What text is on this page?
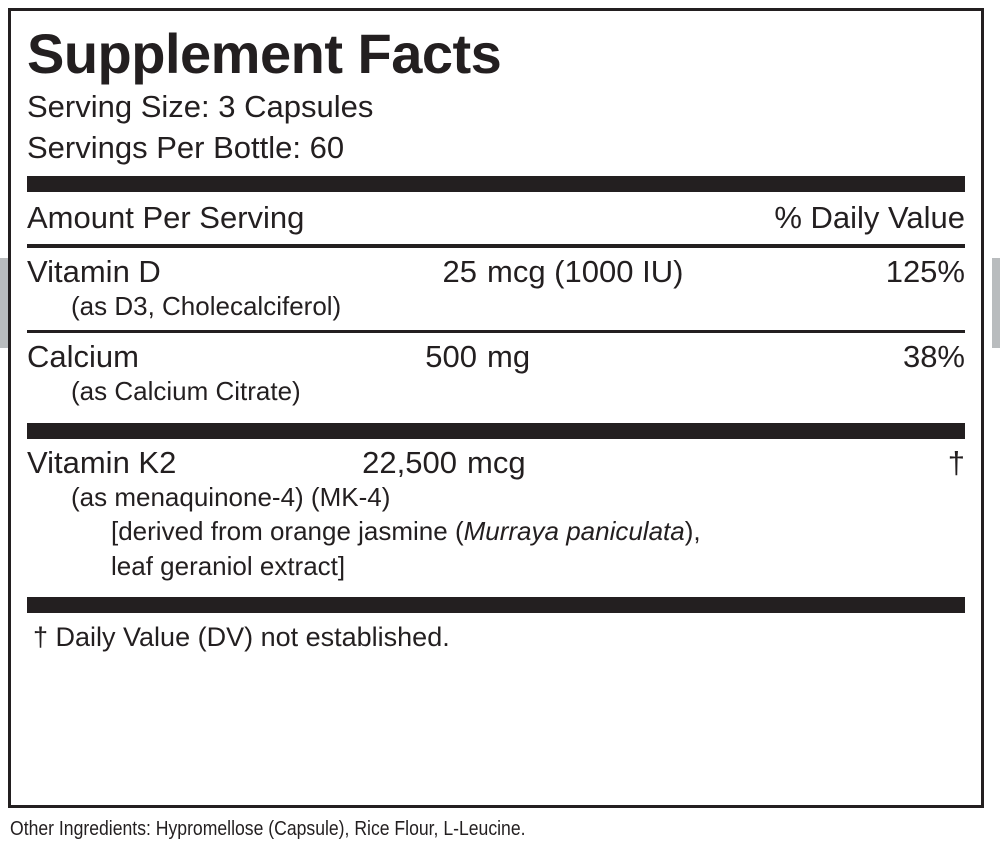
Supplement Facts
Serving Size: 3 Capsules
Servings Per Bottle: 60
Amount Per Serving	% Daily Value
Vitamin D	25 mcg (1000 IU)	125%
(as D3, Cholecalciferol)
Calcium	500 mg	38%
(as Calcium Citrate)
Vitamin K2	22,500 mcg	†
(as menaquinone-4) (MK-4)
[derived from orange jasmine (Murraya paniculata),
leaf geraniol extract]
† Daily Value (DV) not established.
Other Ingredients: Hypromellose (Capsule), Rice Flour, L-Leucine.
